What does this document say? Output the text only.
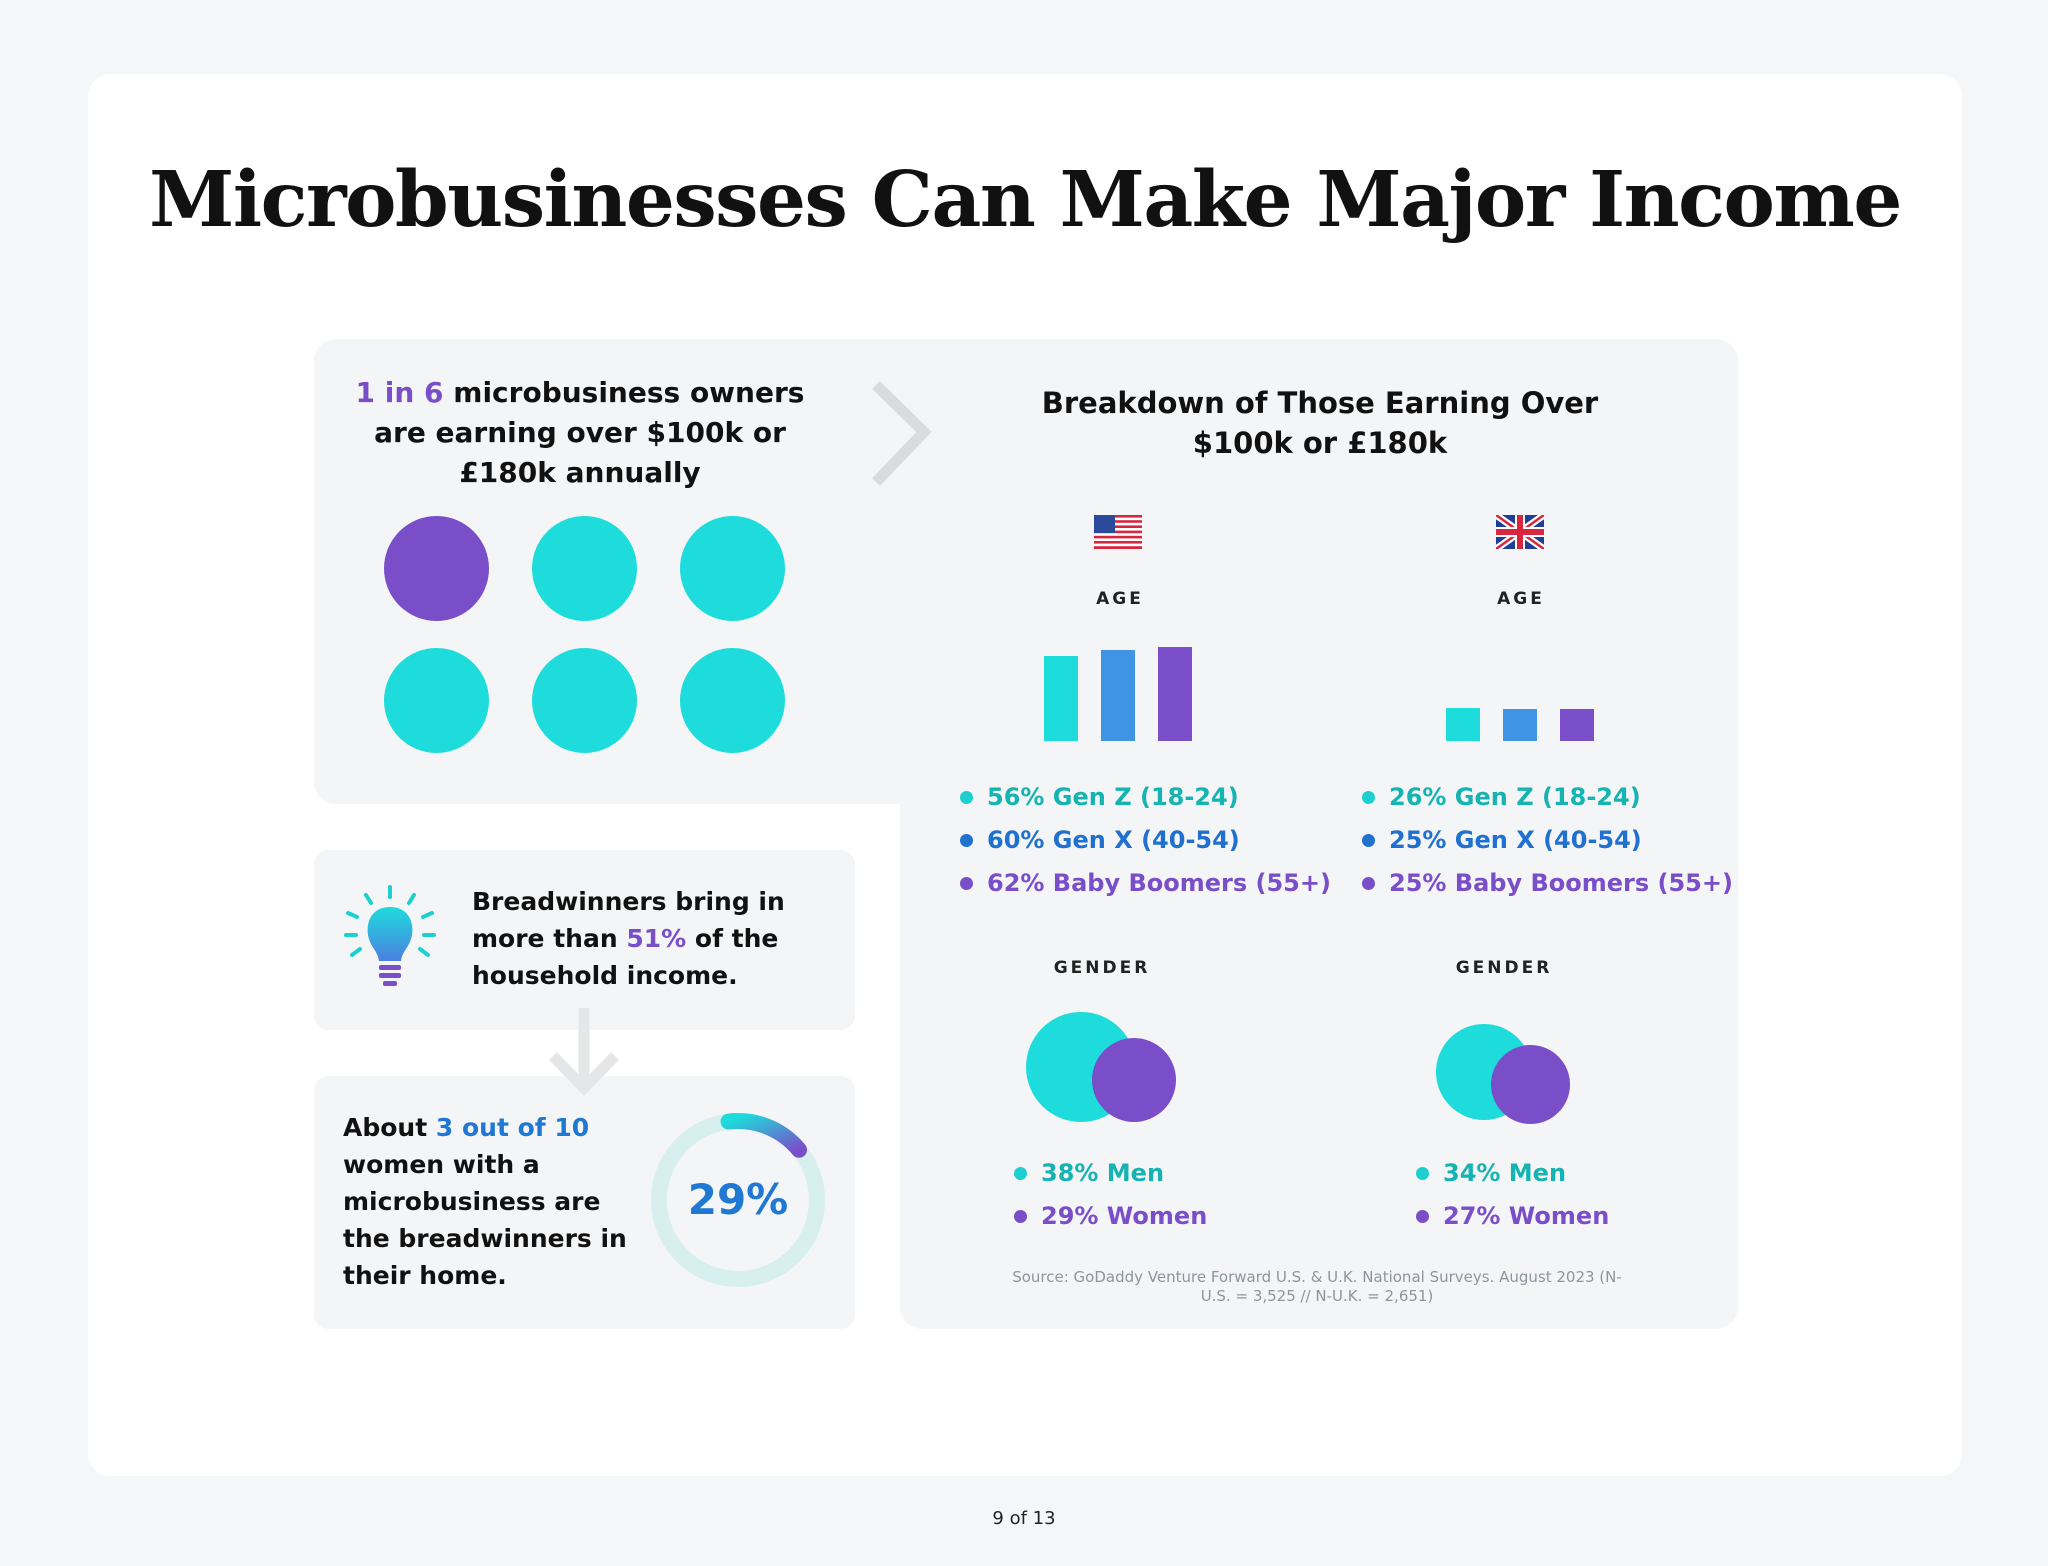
Microbusinesses Can Make Major Income

1 in 6 microbusiness owners are earning over $100k or £180k annually

Breakdown of Those Earning Over $100k or £180k

AGE	AGE
56% Gen Z (18-24)
60% Gen X (40-54)
62% Baby Boomers (55+)
26% Gen Z (18-24)
25% Gen X (40-54)
25% Baby Boomers (55+)
GENDER	GENDER
38% Men
29% Women
34% Men
27% Women

Source: GoDaddy Venture Forward U.S. & U.K. National Surveys. August 2023 (N-U.S. = 3,525 // N-U.K. = 2,651)

Breadwinners bring in more than 51% of the household income.

About 3 out of 10 women with a microbusiness are the breadwinners in their home.

29%

9 of 13
